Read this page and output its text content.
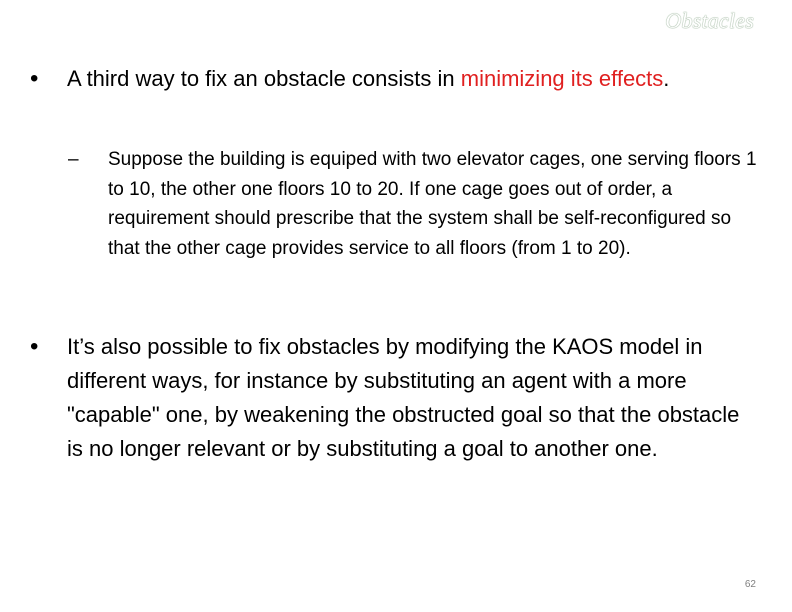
Obstacles
•	A third way to fix an obstacle consists in minimizing its effects.
–	Suppose the building is equiped with two elevator cages, one serving floors 1 to 10, the other one floors 10 to 20. If one cage goes out of order, a requirement should prescribe that the system shall be self-reconfigured so that the other cage provides service to all floors (from 1 to 20).
•	It’s also possible to fix obstacles by modifying the KAOS model in different ways, for instance by substituting an agent with a more "capable" one, by weakening the obstructed goal so that the obstacle is no longer relevant or by substituting a goal to another one.
62
